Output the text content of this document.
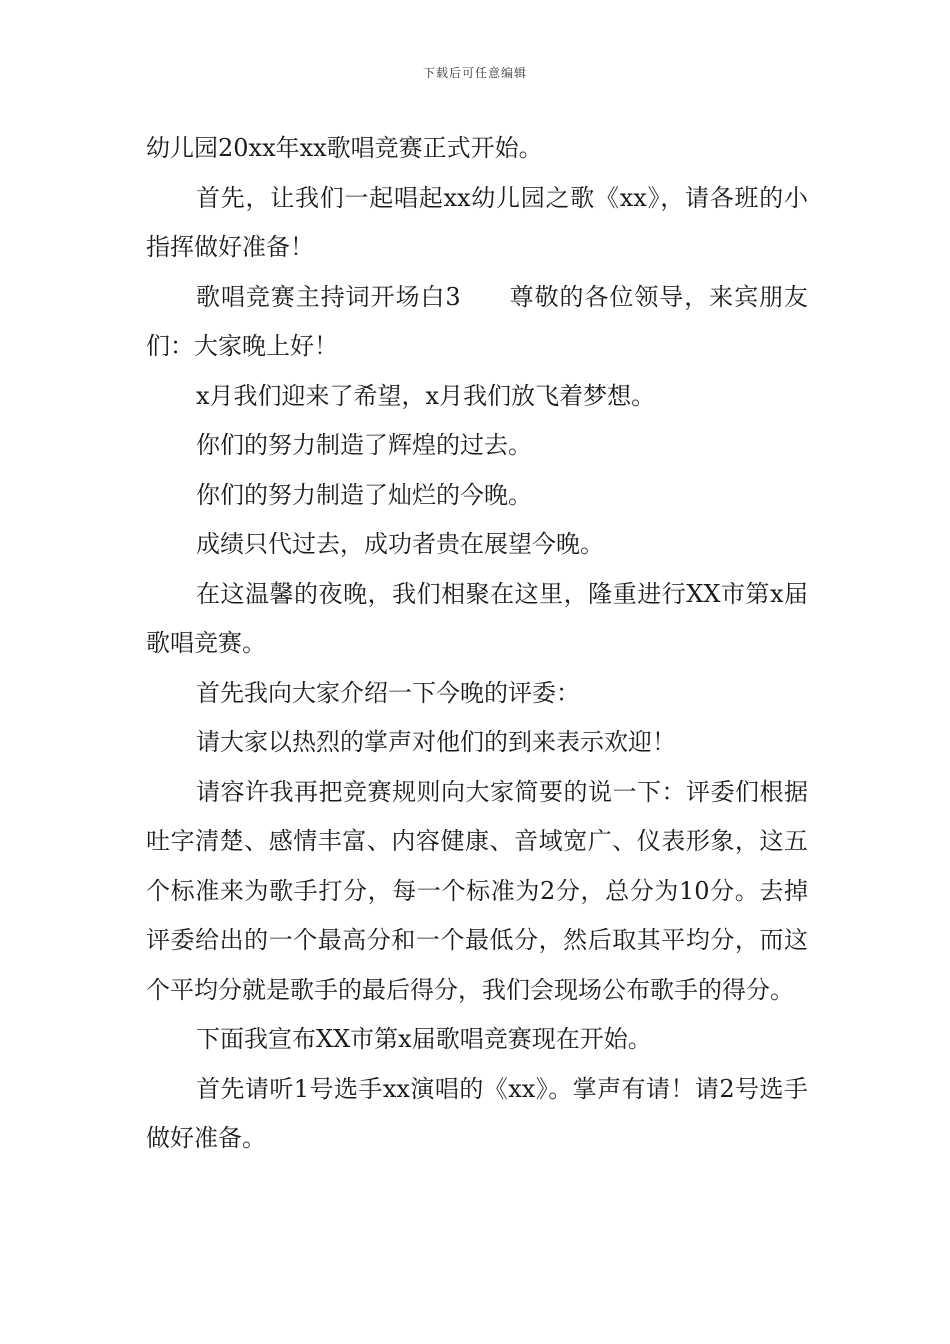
下载后可任意编辑

幼儿园20xx年xx歌唱竞赛正式开始。

首先，让我们一起唱起xx幼儿园之歌《xx》，请各班的小指挥做好准备！

歌唱竞赛主持词开场白3 尊敬的各位领导，来宾朋友们：大家晚上好！

x月我们迎来了希望，x月我们放飞着梦想。

你们的努力制造了辉煌的过去。

你们的努力制造了灿烂的今晚。

成绩只代过去，成功者贵在展望今晚。

在这温馨的夜晚，我们相聚在这里，隆重进行XX市第x届歌唱竞赛。

首先我向大家介绍一下今晚的评委：

请大家以热烈的掌声对他们的到来表示欢迎！

请容许我再把竞赛规则向大家简要的说一下：评委们根据吐字清楚、感情丰富、内容健康、音域宽广、仪表形象，这五个标准来为歌手打分，每一个标准为2分，总分为10分。去掉评委给出的一个最高分和一个最低分，然后取其平均分，而这个平均分就是歌手的最后得分，我们会现场公布歌手的得分。

下面我宣布XX市第x届歌唱竞赛现在开始。

首先请听1号选手xx演唱的《xx》。掌声有请！请2号选手做好准备。
